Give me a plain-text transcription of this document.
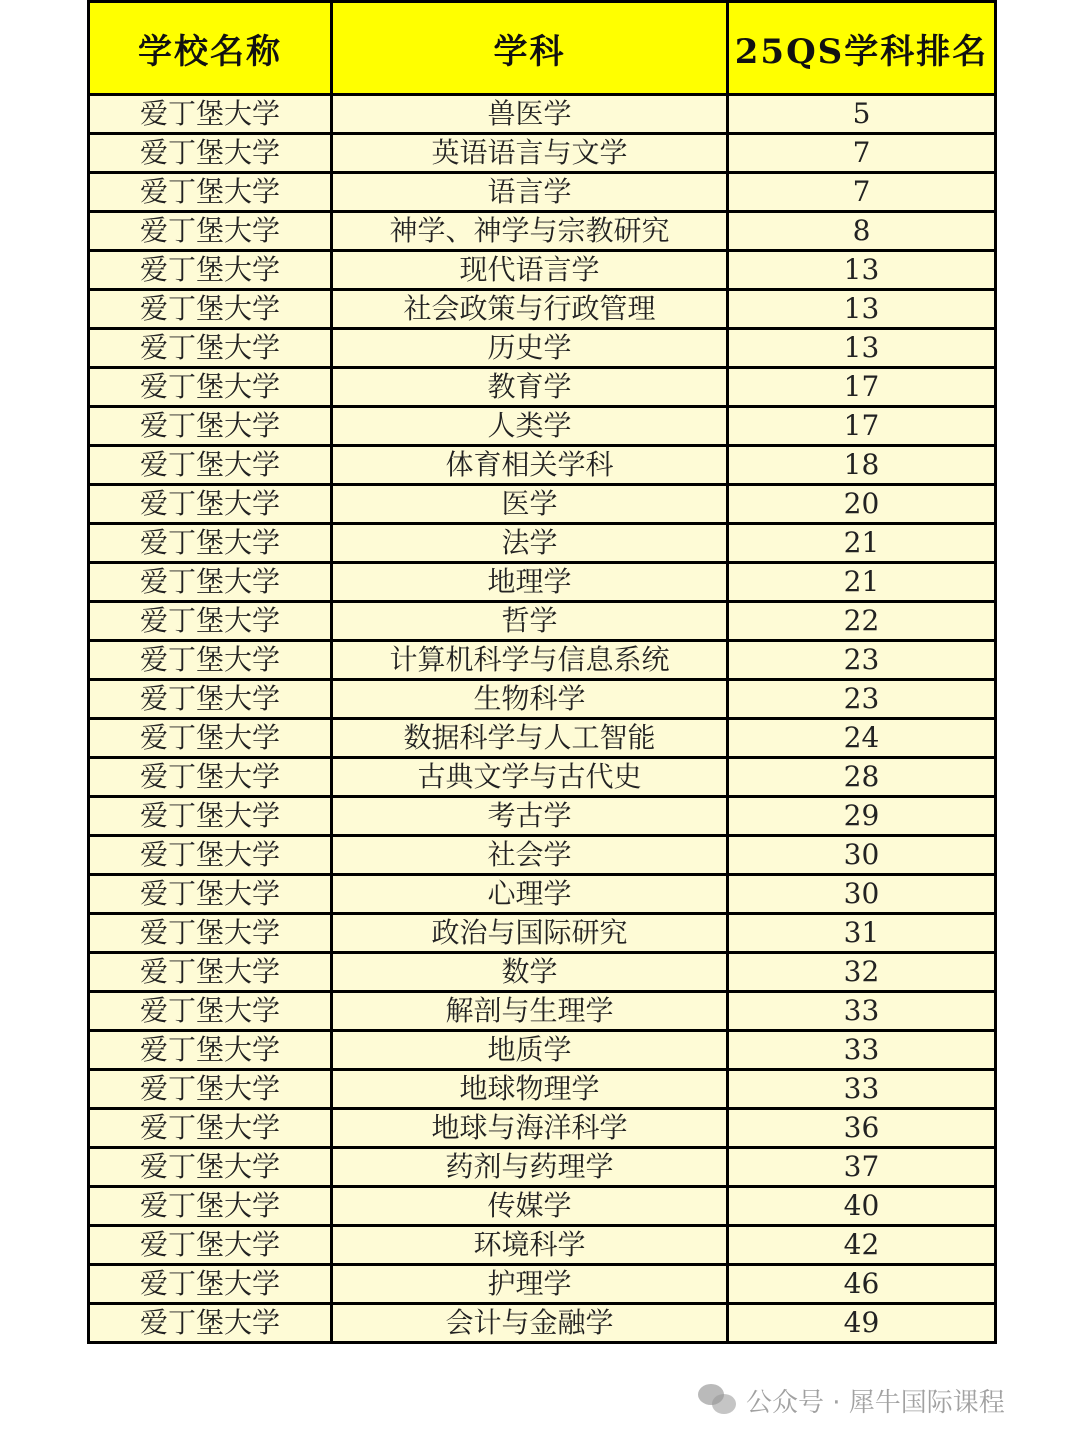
学校名称	学科	25QS学科排名
爱丁堡大学	兽医学	5
爱丁堡大学	英语语言与文学	7
爱丁堡大学	语言学	7
爱丁堡大学	神学、神学与宗教研究	8
爱丁堡大学	现代语言学	13
爱丁堡大学	社会政策与行政管理	13
爱丁堡大学	历史学	13
爱丁堡大学	教育学	17
爱丁堡大学	人类学	17
爱丁堡大学	体育相关学科	18
爱丁堡大学	医学	20
爱丁堡大学	法学	21
爱丁堡大学	地理学	21
爱丁堡大学	哲学	22
爱丁堡大学	计算机科学与信息系统	23
爱丁堡大学	生物科学	23
爱丁堡大学	数据科学与人工智能	24
爱丁堡大学	古典文学与古代史	28
爱丁堡大学	考古学	29
爱丁堡大学	社会学	30
爱丁堡大学	心理学	30
爱丁堡大学	政治与国际研究	31
爱丁堡大学	数学	32
爱丁堡大学	解剖与生理学	33
爱丁堡大学	地质学	33
爱丁堡大学	地球物理学	33
爱丁堡大学	地球与海洋科学	36
爱丁堡大学	药剂与药理学	37
爱丁堡大学	传媒学	40
爱丁堡大学	环境科学	42
爱丁堡大学	护理学	46
爱丁堡大学	会计与金融学	49
公众号 · 犀牛国际课程
